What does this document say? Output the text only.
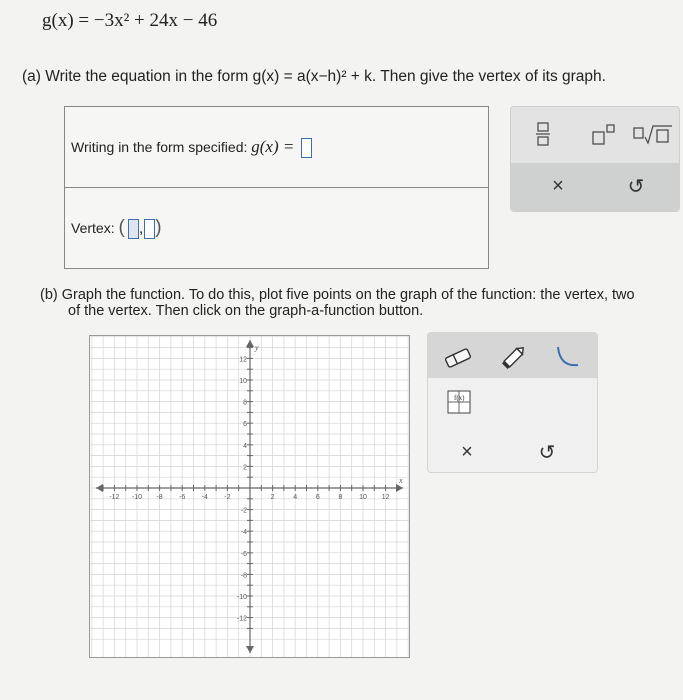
g(x) = −3x² + 24x − 46
(a) Write the equation in the form g(x) = a(x−h)² + k. Then give the vertex of its graph.
Writing in the form specified: g(x) =
Vertex: ( , )
×	↺
(b) Graph the function. To do this, plot five points on the graph of the function: the vertex, two
of the vertex. Then click on the graph-a-function button.
-12 -10 -8 -6 -4 -2	2	4	6	8 10 12
12
10
8
6
4
2
-2
-4
-6
-8
-10
-12
x
y
f(x)
×	↺
